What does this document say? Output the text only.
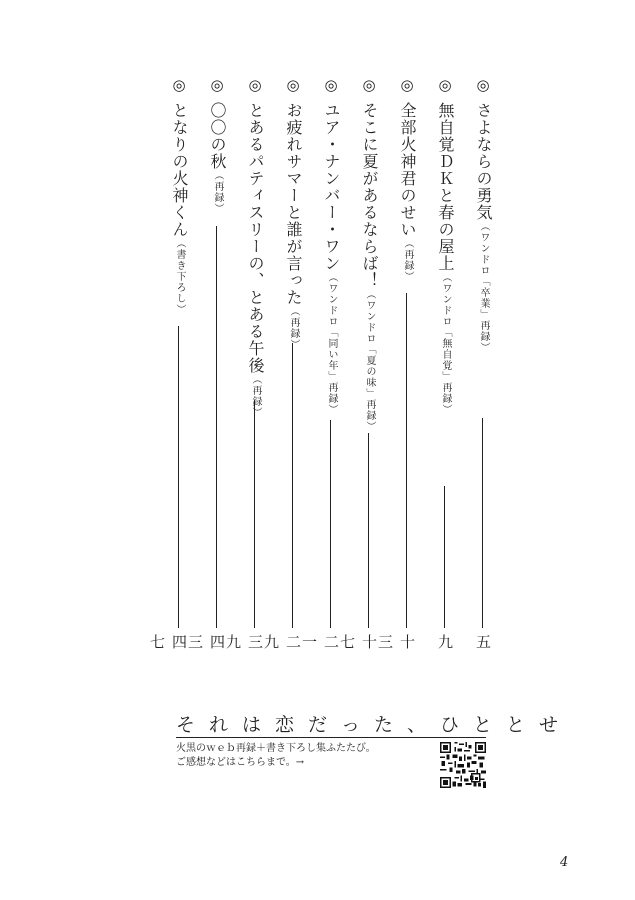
◎
さよならの勇気（ワンドロ「卒業」再録）
五
◎
無自覚ＤＫと春の屋上（ワンドロ「無自覚」再録）
九
◎
全部火神君のせい（再録）
十三
◎
そこに夏があるならば！（ワンドロ「夏の味」再録）
十七
◎
ユア・ナンバー・ワン（ワンドロ「同い年」再録）
二一
◎
お疲れサマーと誰が言った（再録）
二九
◎
とあるパティスリーの、とある午後（再録）
三九
◎
〇〇の秋（再録）
四三
◎
となりの火神くん（書き下ろし）
四七
それは恋だった、ひととせ
火黒のｗｅｂ再録＋書き下ろし集ふたたび。
ご感想などはこちらまで。→
4
